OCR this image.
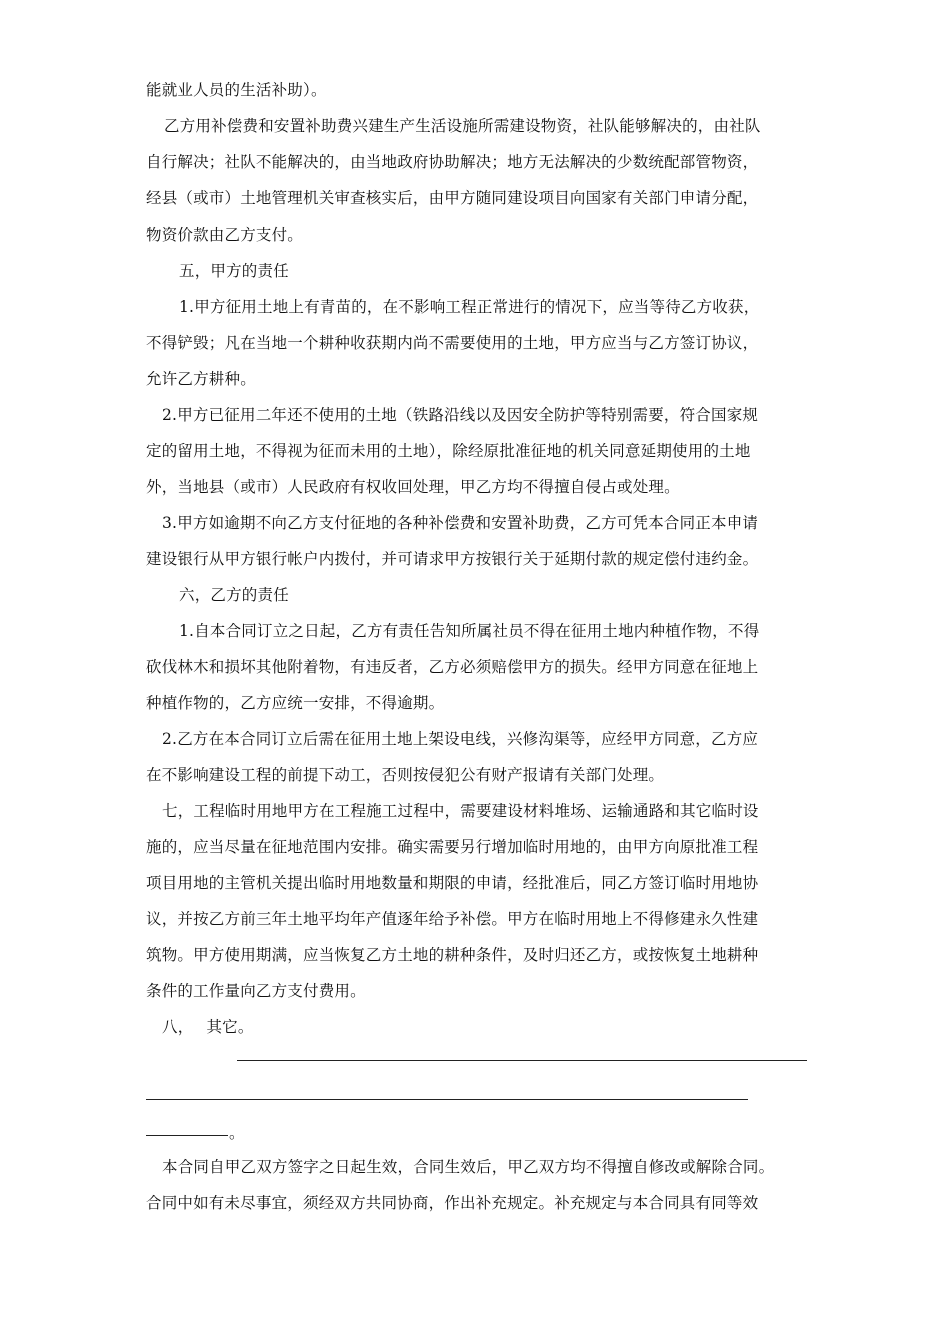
能就业人员的生活补助）。
乙方用补偿费和安置补助费兴建生产生活设施所需建设物资，社队能够解决的，由社队
自行解决；社队不能解决的，由当地政府协助解决；地方无法解决的少数统配部管物资，
经县（或市）土地管理机关审查核实后，由甲方随同建设项目向国家有关部门申请分配，
物资价款由乙方支付。
五，甲方的责任
1.甲方征用土地上有青苗的，在不影响工程正常进行的情况下，应当等待乙方收获，
不得铲毁；凡在当地一个耕种收获期内尚不需要使用的土地，甲方应当与乙方签订协议，
允许乙方耕种。
2.甲方已征用二年还不使用的土地（铁路沿线以及因安全防护等特别需要，符合国家规
定的留用土地，不得视为征而未用的土地），除经原批准征地的机关同意延期使用的土地
外，当地县（或市）人民政府有权收回处理，甲乙方均不得擅自侵占或处理。
3.甲方如逾期不向乙方支付征地的各种补偿费和安置补助费，乙方可凭本合同正本申请
建设银行从甲方银行帐户内拨付，并可请求甲方按银行关于延期付款的规定偿付违约金。
六，乙方的责任
1.自本合同订立之日起，乙方有责任告知所属社员不得在征用土地内种植作物，不得
砍伐林木和损坏其他附着物，有违反者，乙方必须赔偿甲方的损失。经甲方同意在征地上
种植作物的，乙方应统一安排，不得逾期。
2.乙方在本合同订立后需在征用土地上架设电线，兴修沟渠等，应经甲方同意，乙方应
在不影响建设工程的前提下动工，否则按侵犯公有财产报请有关部门处理。
七，工程临时用地甲方在工程施工过程中，需要建设材料堆场、运输通路和其它临时设
施的，应当尽量在征地范围内安排。确实需要另行增加临时用地的，由甲方向原批准工程
项目用地的主管机关提出临时用地数量和期限的申请，经批准后，同乙方签订临时用地协
议，并按乙方前三年土地平均年产值逐年给予补偿。甲方在临时用地上不得修建永久性建
筑物。甲方使用期满，应当恢复乙方土地的耕种条件，及时归还乙方，或按恢复土地耕种
条件的工作量向乙方支付费用。
八，　 其它。
。
本合同自甲乙双方签字之日起生效，合同生效后，甲乙双方均不得擅自修改或解除合同。
合同中如有未尽事宜，须经双方共同协商，作出补充规定。补充规定与本合同具有同等效
